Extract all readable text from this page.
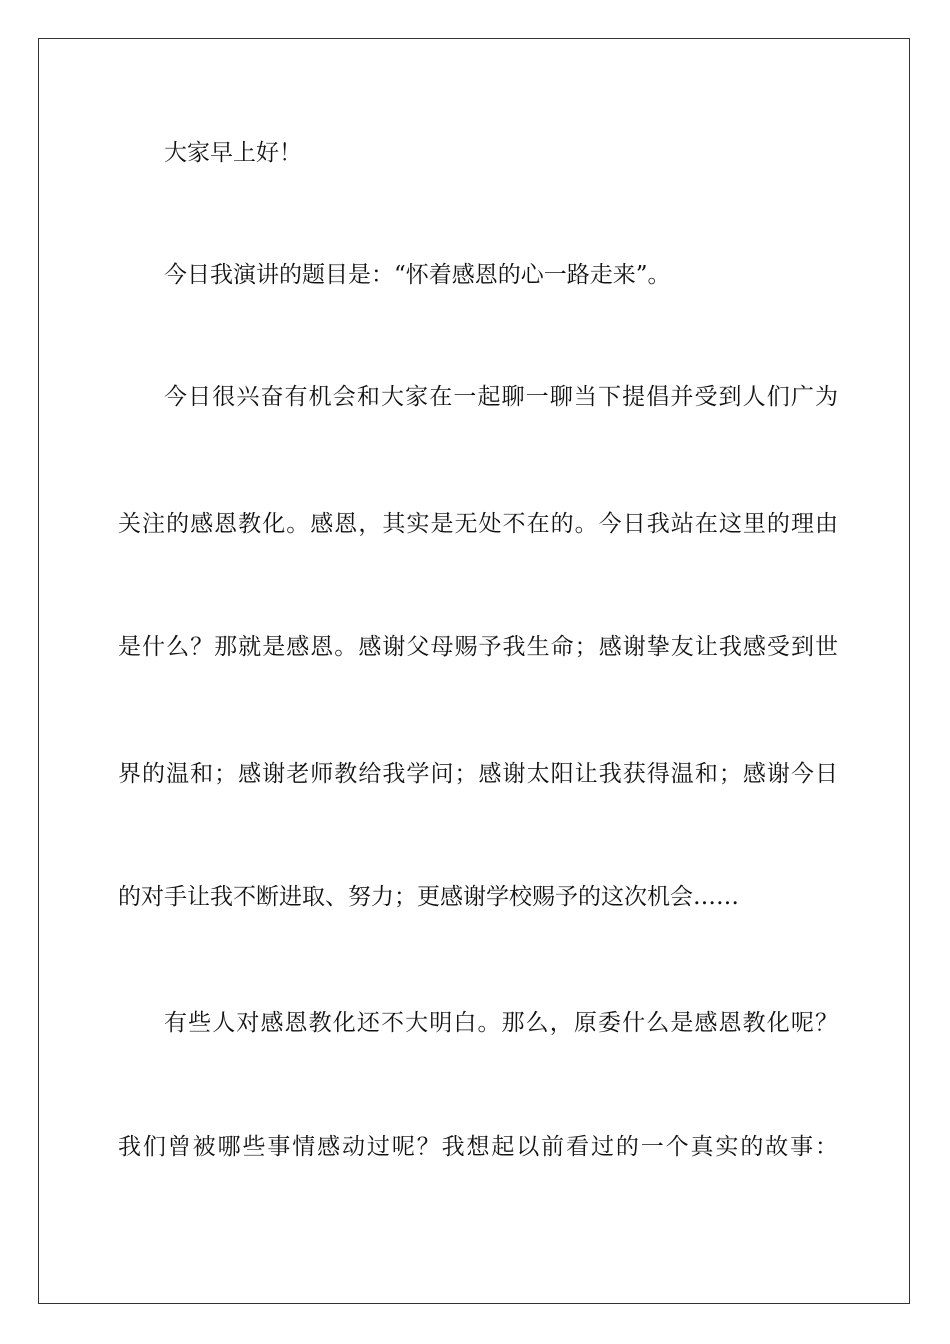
大家早上好！
今日我演讲的题目是：“怀着感恩的心一路走来”。
今日很兴奋有机会和大家在一起聊一聊当下提倡并受到人们广为
关注的感恩教化。感恩，其实是无处不在的。今日我站在这里的理由
是什么？那就是感恩。感谢父母赐予我生命；感谢挚友让我感受到世
界的温和；感谢老师教给我学问；感谢太阳让我获得温和；感谢今日
的对手让我不断进取、努力；更感谢学校赐予的这次机会……
有些人对感恩教化还不大明白。那么，原委什么是感恩教化呢？
我们曾被哪些事情感动过呢？我想起以前看过的一个真实的故事：
